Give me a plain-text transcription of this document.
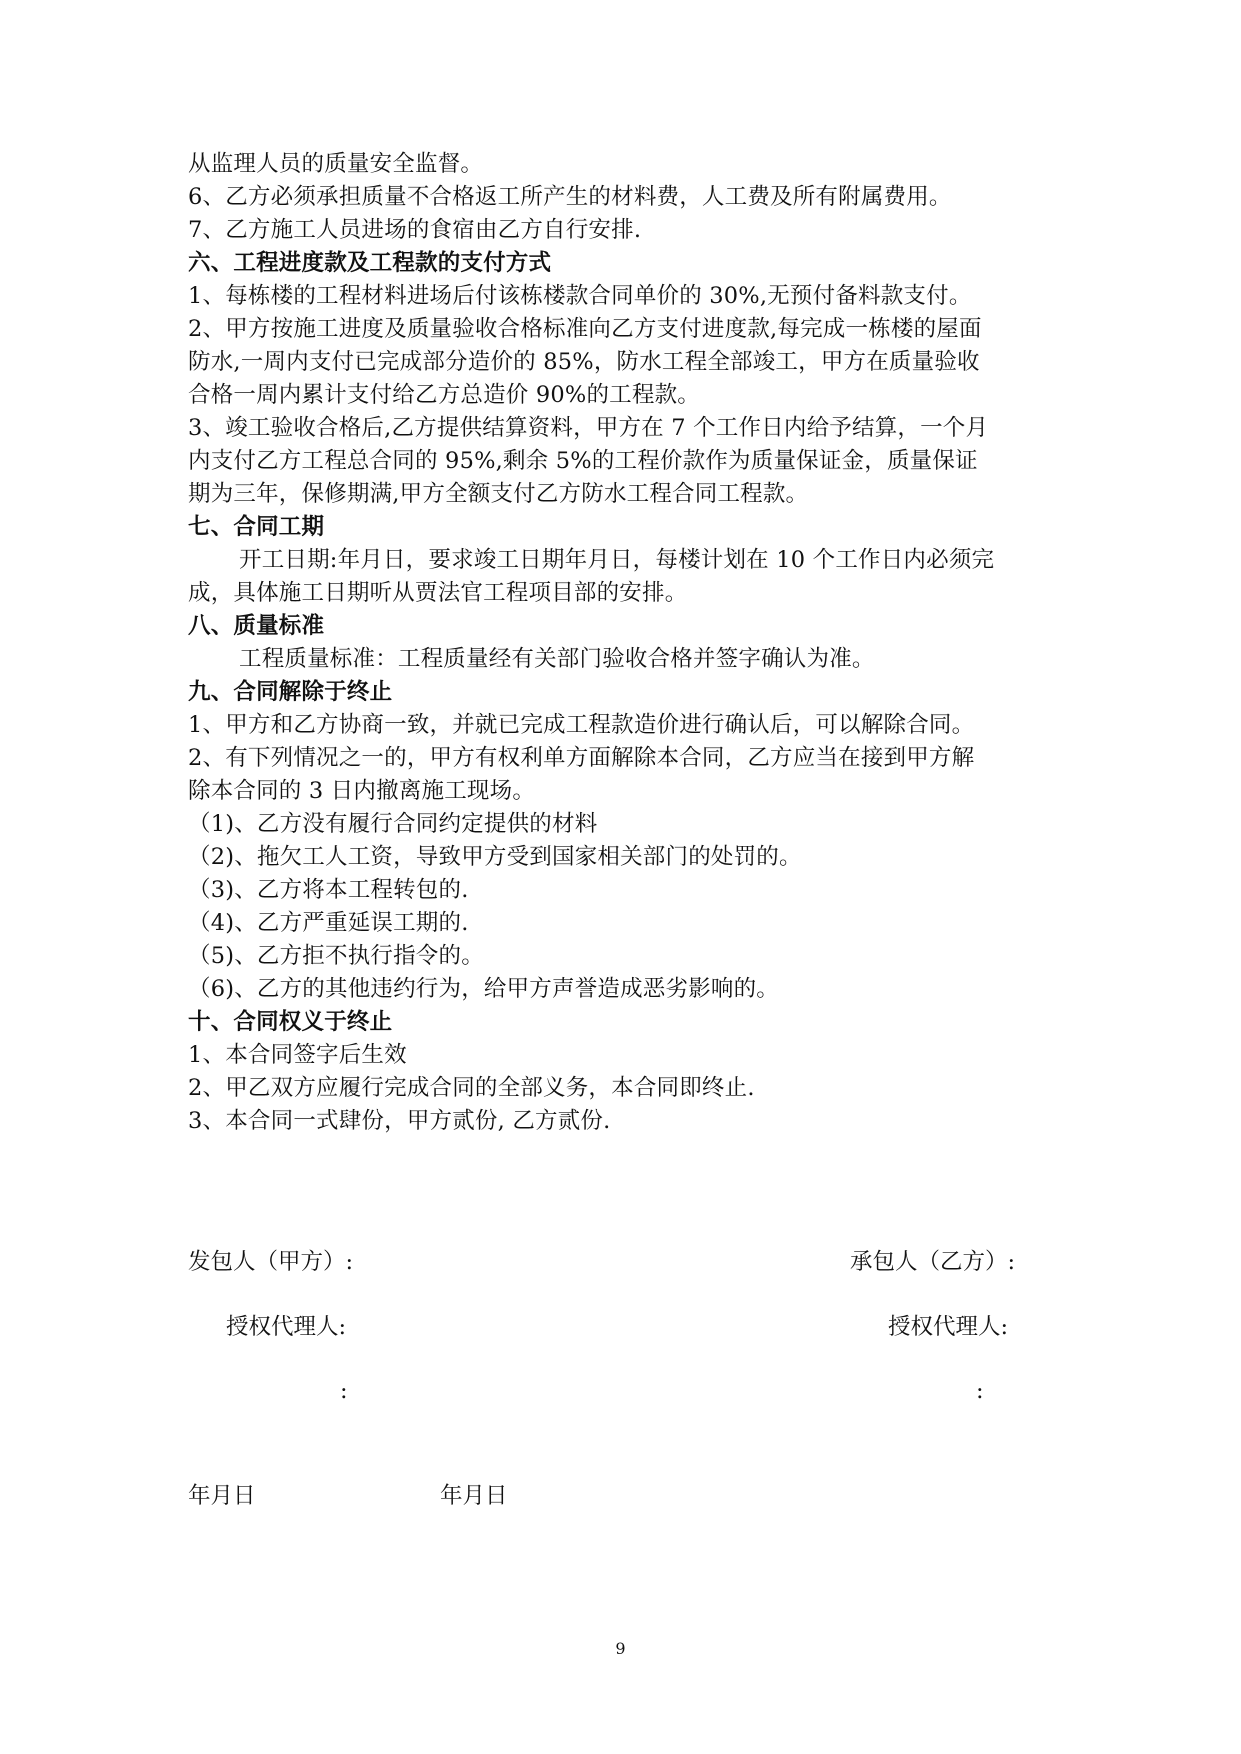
从监理人员的质量安全监督。
6、乙方必须承担质量不合格返工所产生的材料费，人工费及所有附属费用。
7、乙方施工人员进场的食宿由乙方自行安排.
六、工程进度款及工程款的支付方式
1、每栋楼的工程材料进场后付该栋楼款合同单价的 30%,无预付备料款支付。
2、甲方按施工进度及质量验收合格标准向乙方支付进度款,每完成一栋楼的屋面
防水,一周内支付已完成部分造价的 85%，防水工程全部竣工，甲方在质量验收
合格一周内累计支付给乙方总造价 90%的工程款。
3、竣工验收合格后,乙方提供结算资料，甲方在 7 个工作日内给予结算，一个月
内支付乙方工程总合同的 95%,剩余 5%的工程价款作为质量保证金，质量保证
期为三年，保修期满,甲方全额支付乙方防水工程合同工程款。
七、合同工期
开工日期:年月日，要求竣工日期年月日，每楼计划在 10 个工作日内必须完
成，具体施工日期听从贾法官工程项目部的安排。
八、质量标准
工程质量标准：工程质量经有关部门验收合格并签字确认为准。
九、合同解除于终止
1、甲方和乙方协商一致，并就已完成工程款造价进行确认后，可以解除合同。
2、有下列情况之一的，甲方有权利单方面解除本合同，乙方应当在接到甲方解
除本合同的 3 日内撤离施工现场。
（1)、乙方没有履行合同约定提供的材料
（2)、拖欠工人工资，导致甲方受到国家相关部门的处罚的。
（3)、乙方将本工程转包的.
（4)、乙方严重延误工期的.
（5)、乙方拒不执行指令的。
（6)、乙方的其他违约行为，给甲方声誉造成恶劣影响的。
十、合同权义于终止
1、本合同签字后生效
2、甲乙双方应履行完成合同的全部义务，本合同即终止.
3、本合同一式肆份，甲方贰份, 乙方贰份.
发包人（甲方）:	承包人（乙方）:
授权代理人:	授权代理人:
:	:
年月日	年月日
9
